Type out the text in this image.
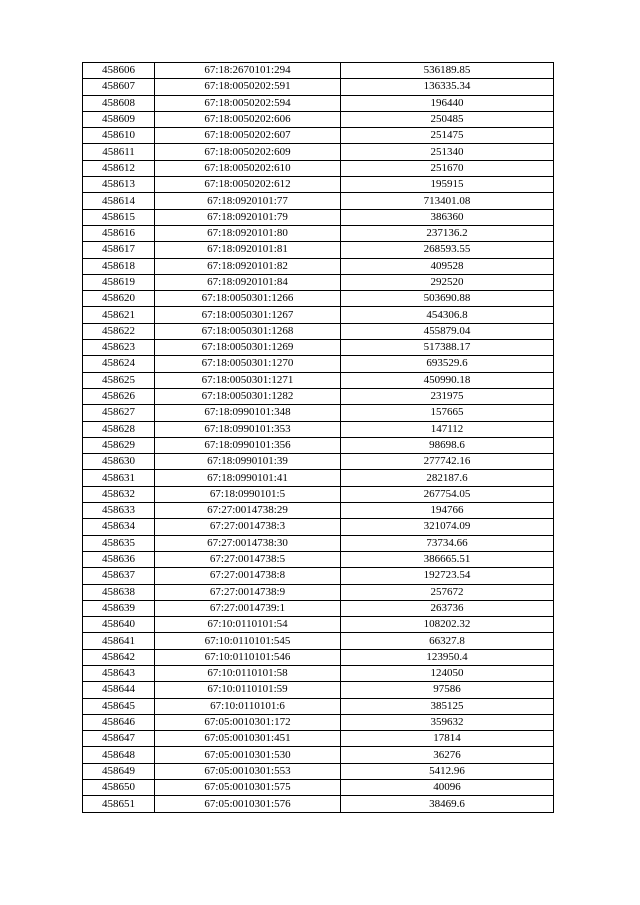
458606	67:18:2670101:294	536189.85
458607	67:18:0050202:591	136335.34
458608	67:18:0050202:594	196440
458609	67:18:0050202:606	250485
458610	67:18:0050202:607	251475
458611	67:18:0050202:609	251340
458612	67:18:0050202:610	251670
458613	67:18:0050202:612	195915
458614	67:18:0920101:77	713401.08
458615	67:18:0920101:79	386360
458616	67:18:0920101:80	237136.2
458617	67:18:0920101:81	268593.55
458618	67:18:0920101:82	409528
458619	67:18:0920101:84	292520
458620	67:18:0050301:1266	503690.88
458621	67:18:0050301:1267	454306.8
458622	67:18:0050301:1268	455879.04
458623	67:18:0050301:1269	517388.17
458624	67:18:0050301:1270	693529.6
458625	67:18:0050301:1271	450990.18
458626	67:18:0050301:1282	231975
458627	67:18:0990101:348	157665
458628	67:18:0990101:353	147112
458629	67:18:0990101:356	98698.6
458630	67:18:0990101:39	277742.16
458631	67:18:0990101:41	282187.6
458632	67:18:0990101:5	267754.05
458633	67:27:0014738:29	194766
458634	67:27:0014738:3	321074.09
458635	67:27:0014738:30	73734.66
458636	67:27:0014738:5	386665.51
458637	67:27:0014738:8	192723.54
458638	67:27:0014738:9	257672
458639	67:27:0014739:1	263736
458640	67:10:0110101:54	108202.32
458641	67:10:0110101:545	66327.8
458642	67:10:0110101:546	123950.4
458643	67:10:0110101:58	124050
458644	67:10:0110101:59	97586
458645	67:10:0110101:6	385125
458646	67:05:0010301:172	359632
458647	67:05:0010301:451	17814
458648	67:05:0010301:530	36276
458649	67:05:0010301:553	5412.96
458650	67:05:0010301:575	40096
458651	67:05:0010301:576	38469.6
